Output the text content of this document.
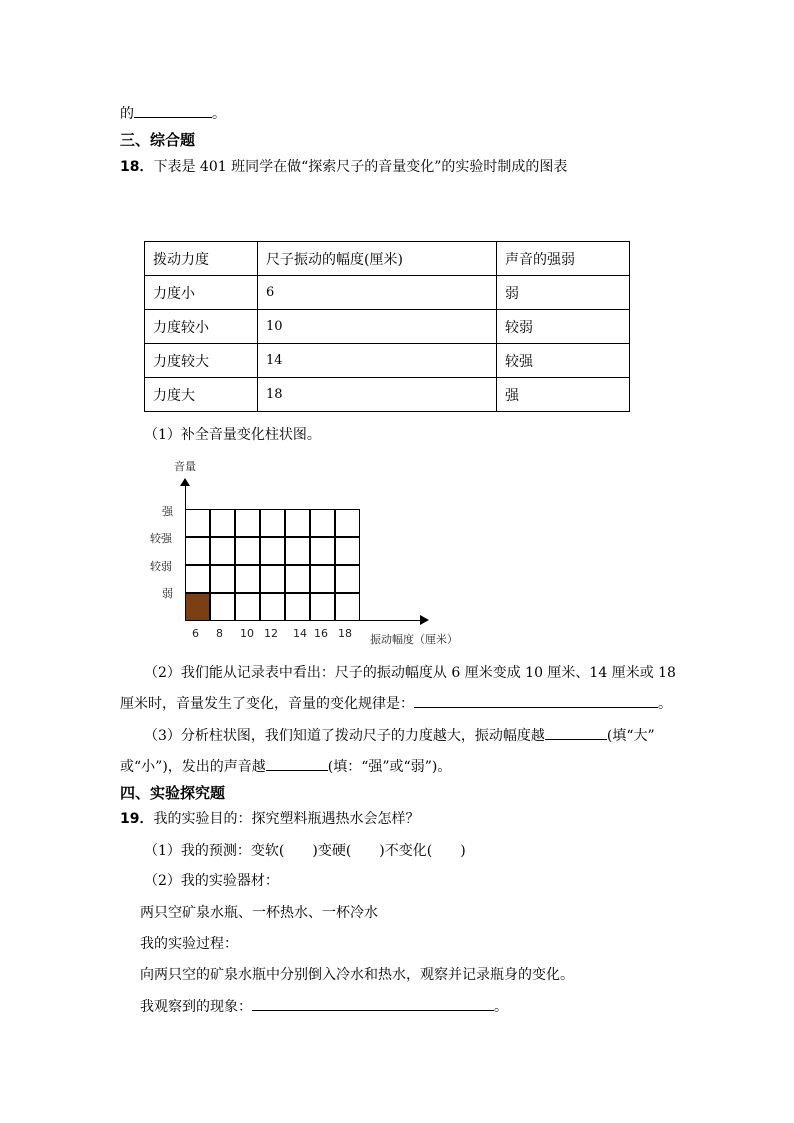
的	。
三、综合题
18．下表是 401 班同学在做“探索尺子的音量变化”的实验时制成的图表
拨动力度	尺子振动的幅度(厘米)	声音的强弱
力度小	6	弱
力度较小	10	较弱
力度较大	14	较强
力度大	18	强
（1）补全音量变化柱状图。
音量
强
较强
较弱
弱
6 8 10 12 14 16 18 振动幅度（厘米）
（2）我们能从记录表中看出：尺子的振动幅度从 6 厘米变成 10 厘米、14 厘米或 18
厘米时，音量发生了变化，音量的变化规律是：	。
（3）分析柱状图，我们知道了拨动尺子的力度越大，振动幅度越	(填“大”
或“小”)，发出的声音越	(填：“强”或“弱”)。
四、实验探究题
19．我的实验目的：探究塑料瓶遇热水会怎样？
（1）我的预测：变软(　　)变硬(　　)不变化(　　)
（2）我的实验器材：
两只空矿泉水瓶、一杯热水、一杯冷水
我的实验过程：
向两只空的矿泉水瓶中分别倒入冷水和热水，观察并记录瓶身的变化。
我观察到的现象：	。
